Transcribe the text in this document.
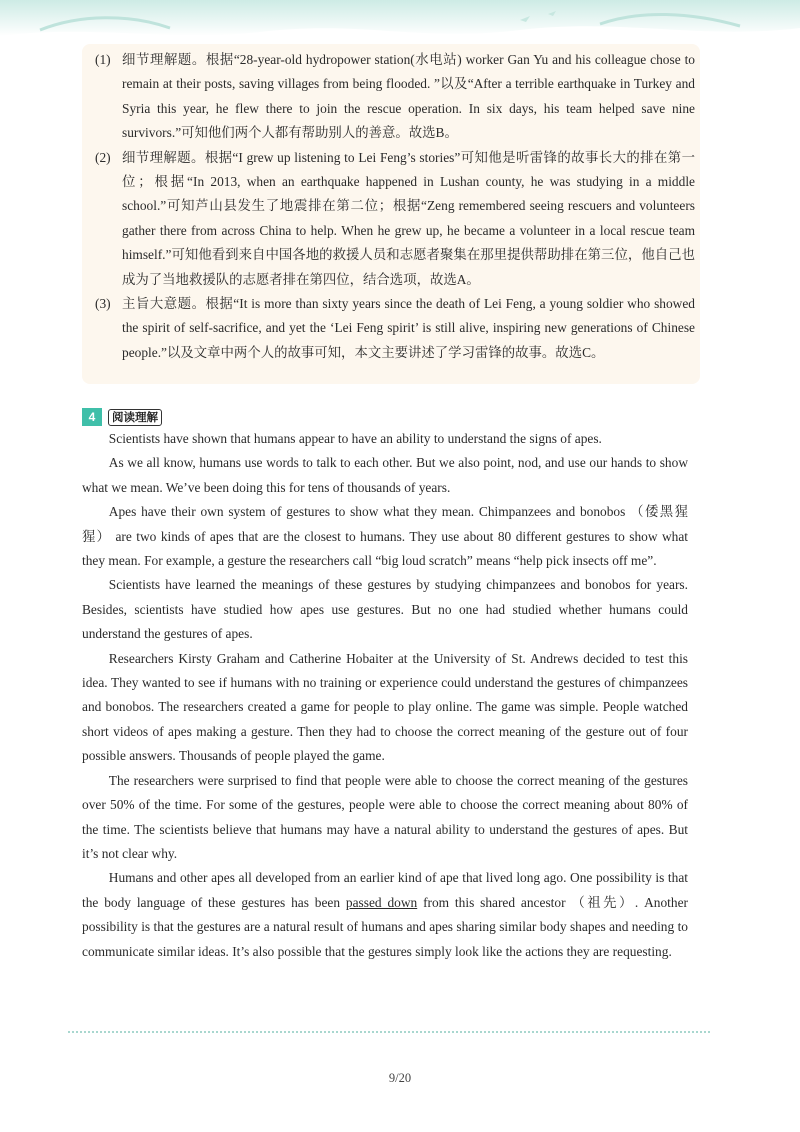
(1) 细节理解题。根据“28-year-old hydropower station(水电站) worker Gan Yu and his colleague chose to remain at their posts, saving villages from being flooded. ”以及“After a terrible earthquake in Turkey and Syria this year, he flew there to join the rescue operation. In six days, his team helped save nine survivors.”可知他们两个人都有帮助别人的善意。故选B。
(2) 细节理解题。根据“I grew up listening to Lei Feng’s stories”可知他是听雷锋的故事长大的排在第一位；根据“In 2013, when an earthquake happened in Lushan county, he was studying in a middle school.”可知芦山县发生了地震排在第二位；根据“Zeng remembered seeing rescuers and volunteers gather there from across China to help. When he grew up, he became a volunteer in a local rescue team himself.”可知他看到来自中国各地的救援人员和志愿者聚集在那里提供帮助排在第三位，他自己也成为了当地救援队的志愿者排在第四位，结合选项，故选A。
(3) 主旨大意题。根据“It is more than sixty years since the death of Lei Feng, a young soldier who showed the spirit of self-sacrifice, and yet the ‘Lei Feng spirit’ is still alive, inspiring new generations of Chinese people.”以及文章中两个人的故事可知，本文主要讲述了学习雷锋的故事。故选C。
4	阅读理解

Scientists have shown that humans appear to have an ability to understand the signs of apes.

As we all know, humans use words to talk to each other. But we also point, nod, and use our hands to show what we mean. We’ve been doing this for tens of thousands of years.

Apes have their own system of gestures to show what they mean. Chimpanzees and bonobos （倭黑猩猩） are two kinds of apes that are the closest to humans. They use about 80 different gestures to show what they mean. For example, a gesture the researchers call “big loud scratch” means “help pick insects off me”.

Scientists have learned the meanings of these gestures by studying chimpanzees and bonobos for years. Besides, scientists have studied how apes use gestures. But no one had studied whether humans could understand the gestures of apes.

Researchers Kirsty Graham and Catherine Hobaiter at the University of St. Andrews decided to test this idea. They wanted to see if humans with no training or experience could understand the gestures of chimpanzees and bonobos. The researchers created a game for people to play online. The game was simple. People watched short videos of apes making a gesture. Then they had to choose the correct meaning of the gesture out of four possible answers. Thousands of people played the game.

The researchers were surprised to find that people were able to choose the correct meaning of the gestures over 50% of the time. For some of the gestures, people were able to choose the correct meaning about 80% of the time. The scientists believe that humans may have a natural ability to understand the gestures of apes. But it’s not clear why.

Humans and other apes all developed from an earlier kind of ape that lived long ago. One possibility is that the body language of these gestures has been passed down from this shared ancestor （祖先）. Another possibility is that the gestures are a natural result of humans and apes sharing similar body shapes and needing to communicate similar ideas. It’s also possible that the gestures simply look like the actions they are requesting.

9/20
